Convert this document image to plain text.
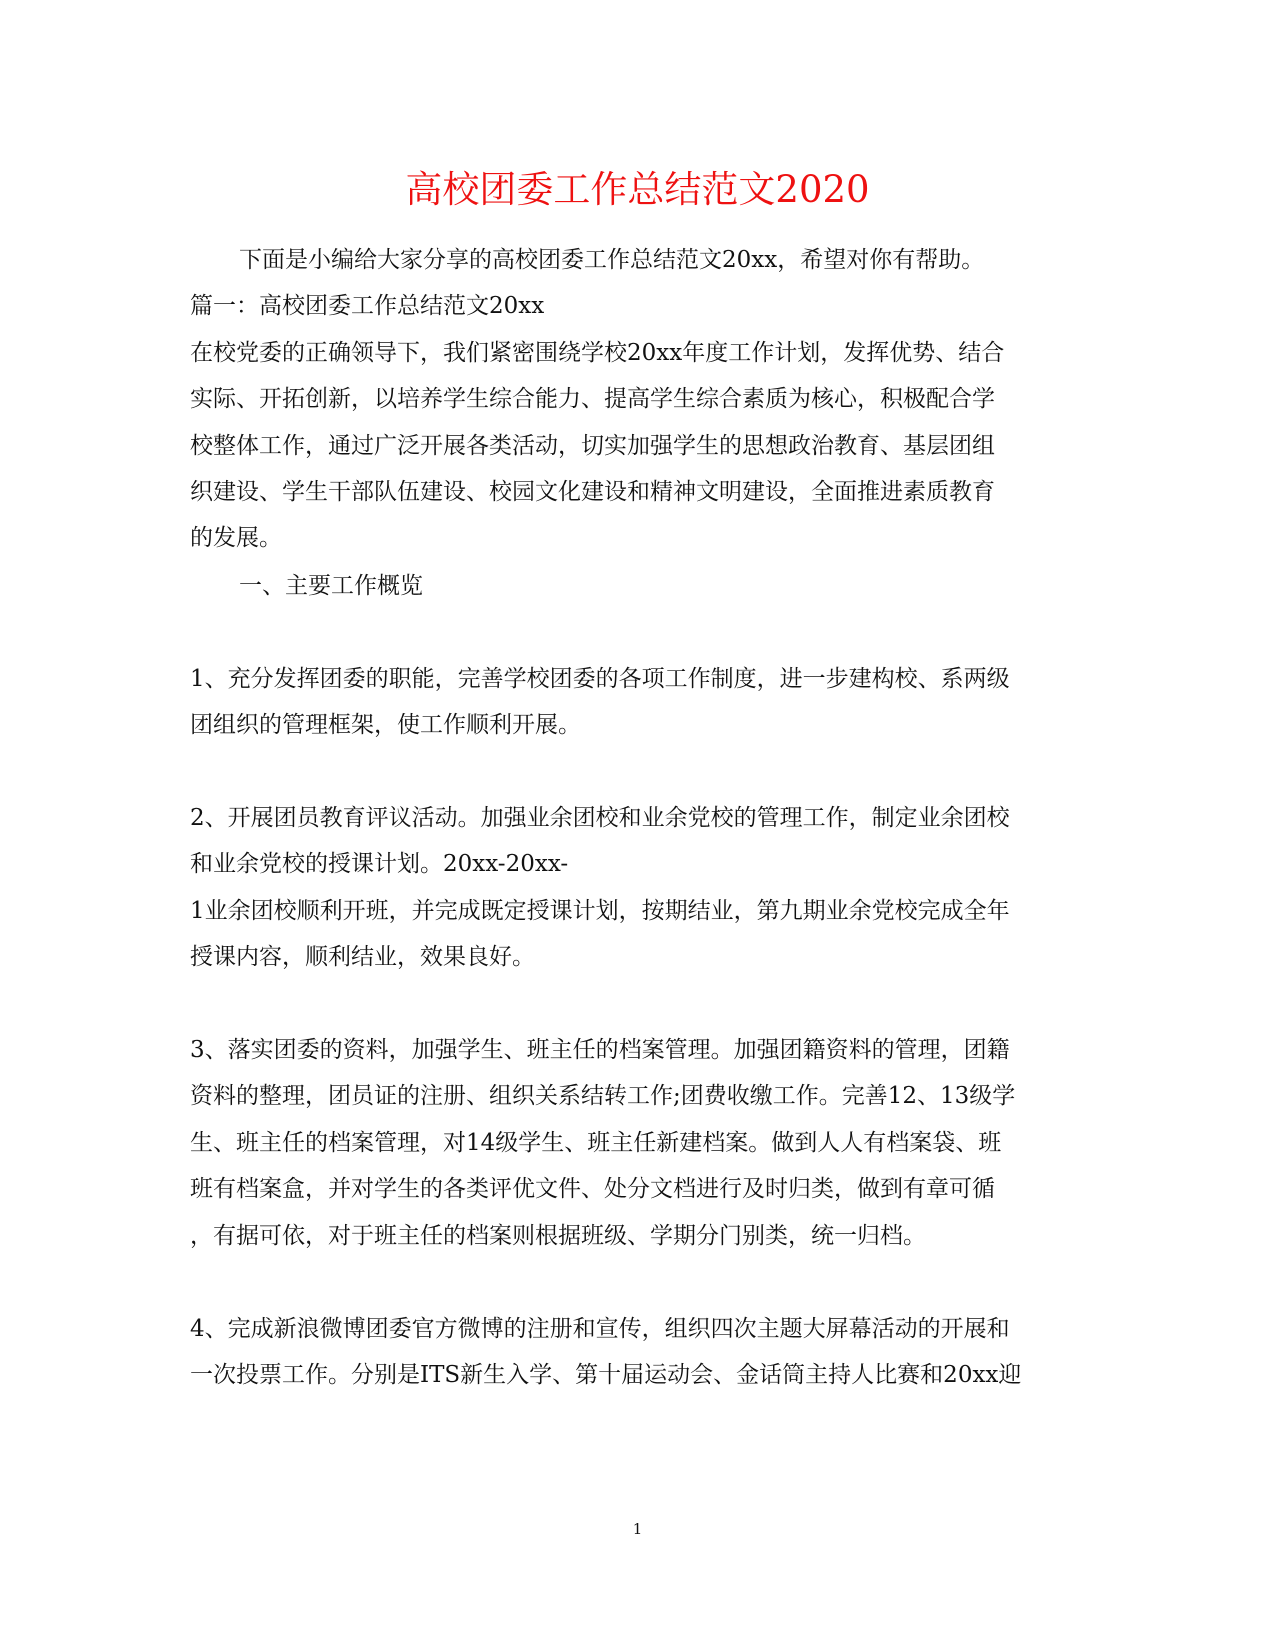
高校团委工作总结范文2020

下面是小编给大家分享的高校团委工作总结范文20xx，希望对你有帮助。

篇一：高校团委工作总结范文20xx

在校党委的正确领导下，我们紧密围绕学校20xx年度工作计划，发挥优势、结合

实际、开拓创新，以培养学生综合能力、提高学生综合素质为核心，积极配合学

校整体工作，通过广泛开展各类活动，切实加强学生的思想政治教育、基层团组

织建设、学生干部队伍建设、校园文化建设和精神文明建设，全面推进素质教育

的发展。

一、主要工作概览

1、充分发挥团委的职能，完善学校团委的各项工作制度，进一步建构校、系两级

团组织的管理框架，使工作顺利开展。

2、开展团员教育评议活动。加强业余团校和业余党校的管理工作，制定业余团校

和业余党校的授课计划。20xx-20xx-

1业余团校顺利开班，并完成既定授课计划，按期结业，第九期业余党校完成全年

授课内容，顺利结业，效果良好。

3、落实团委的资料，加强学生、班主任的档案管理。加强团籍资料的管理，团籍

资料的整理，团员证的注册、组织关系结转工作;团费收缴工作。完善12、13级学

生、班主任的档案管理，对14级学生、班主任新建档案。做到人人有档案袋、班

班有档案盒，并对学生的各类评优文件、处分文档进行及时归类，做到有章可循

，有据可依，对于班主任的档案则根据班级、学期分门别类，统一归档。

4、完成新浪微博团委官方微博的注册和宣传，组织四次主题大屏幕活动的开展和

一次投票工作。分别是ITS新生入学、第十届运动会、金话筒主持人比赛和20xx迎

1
